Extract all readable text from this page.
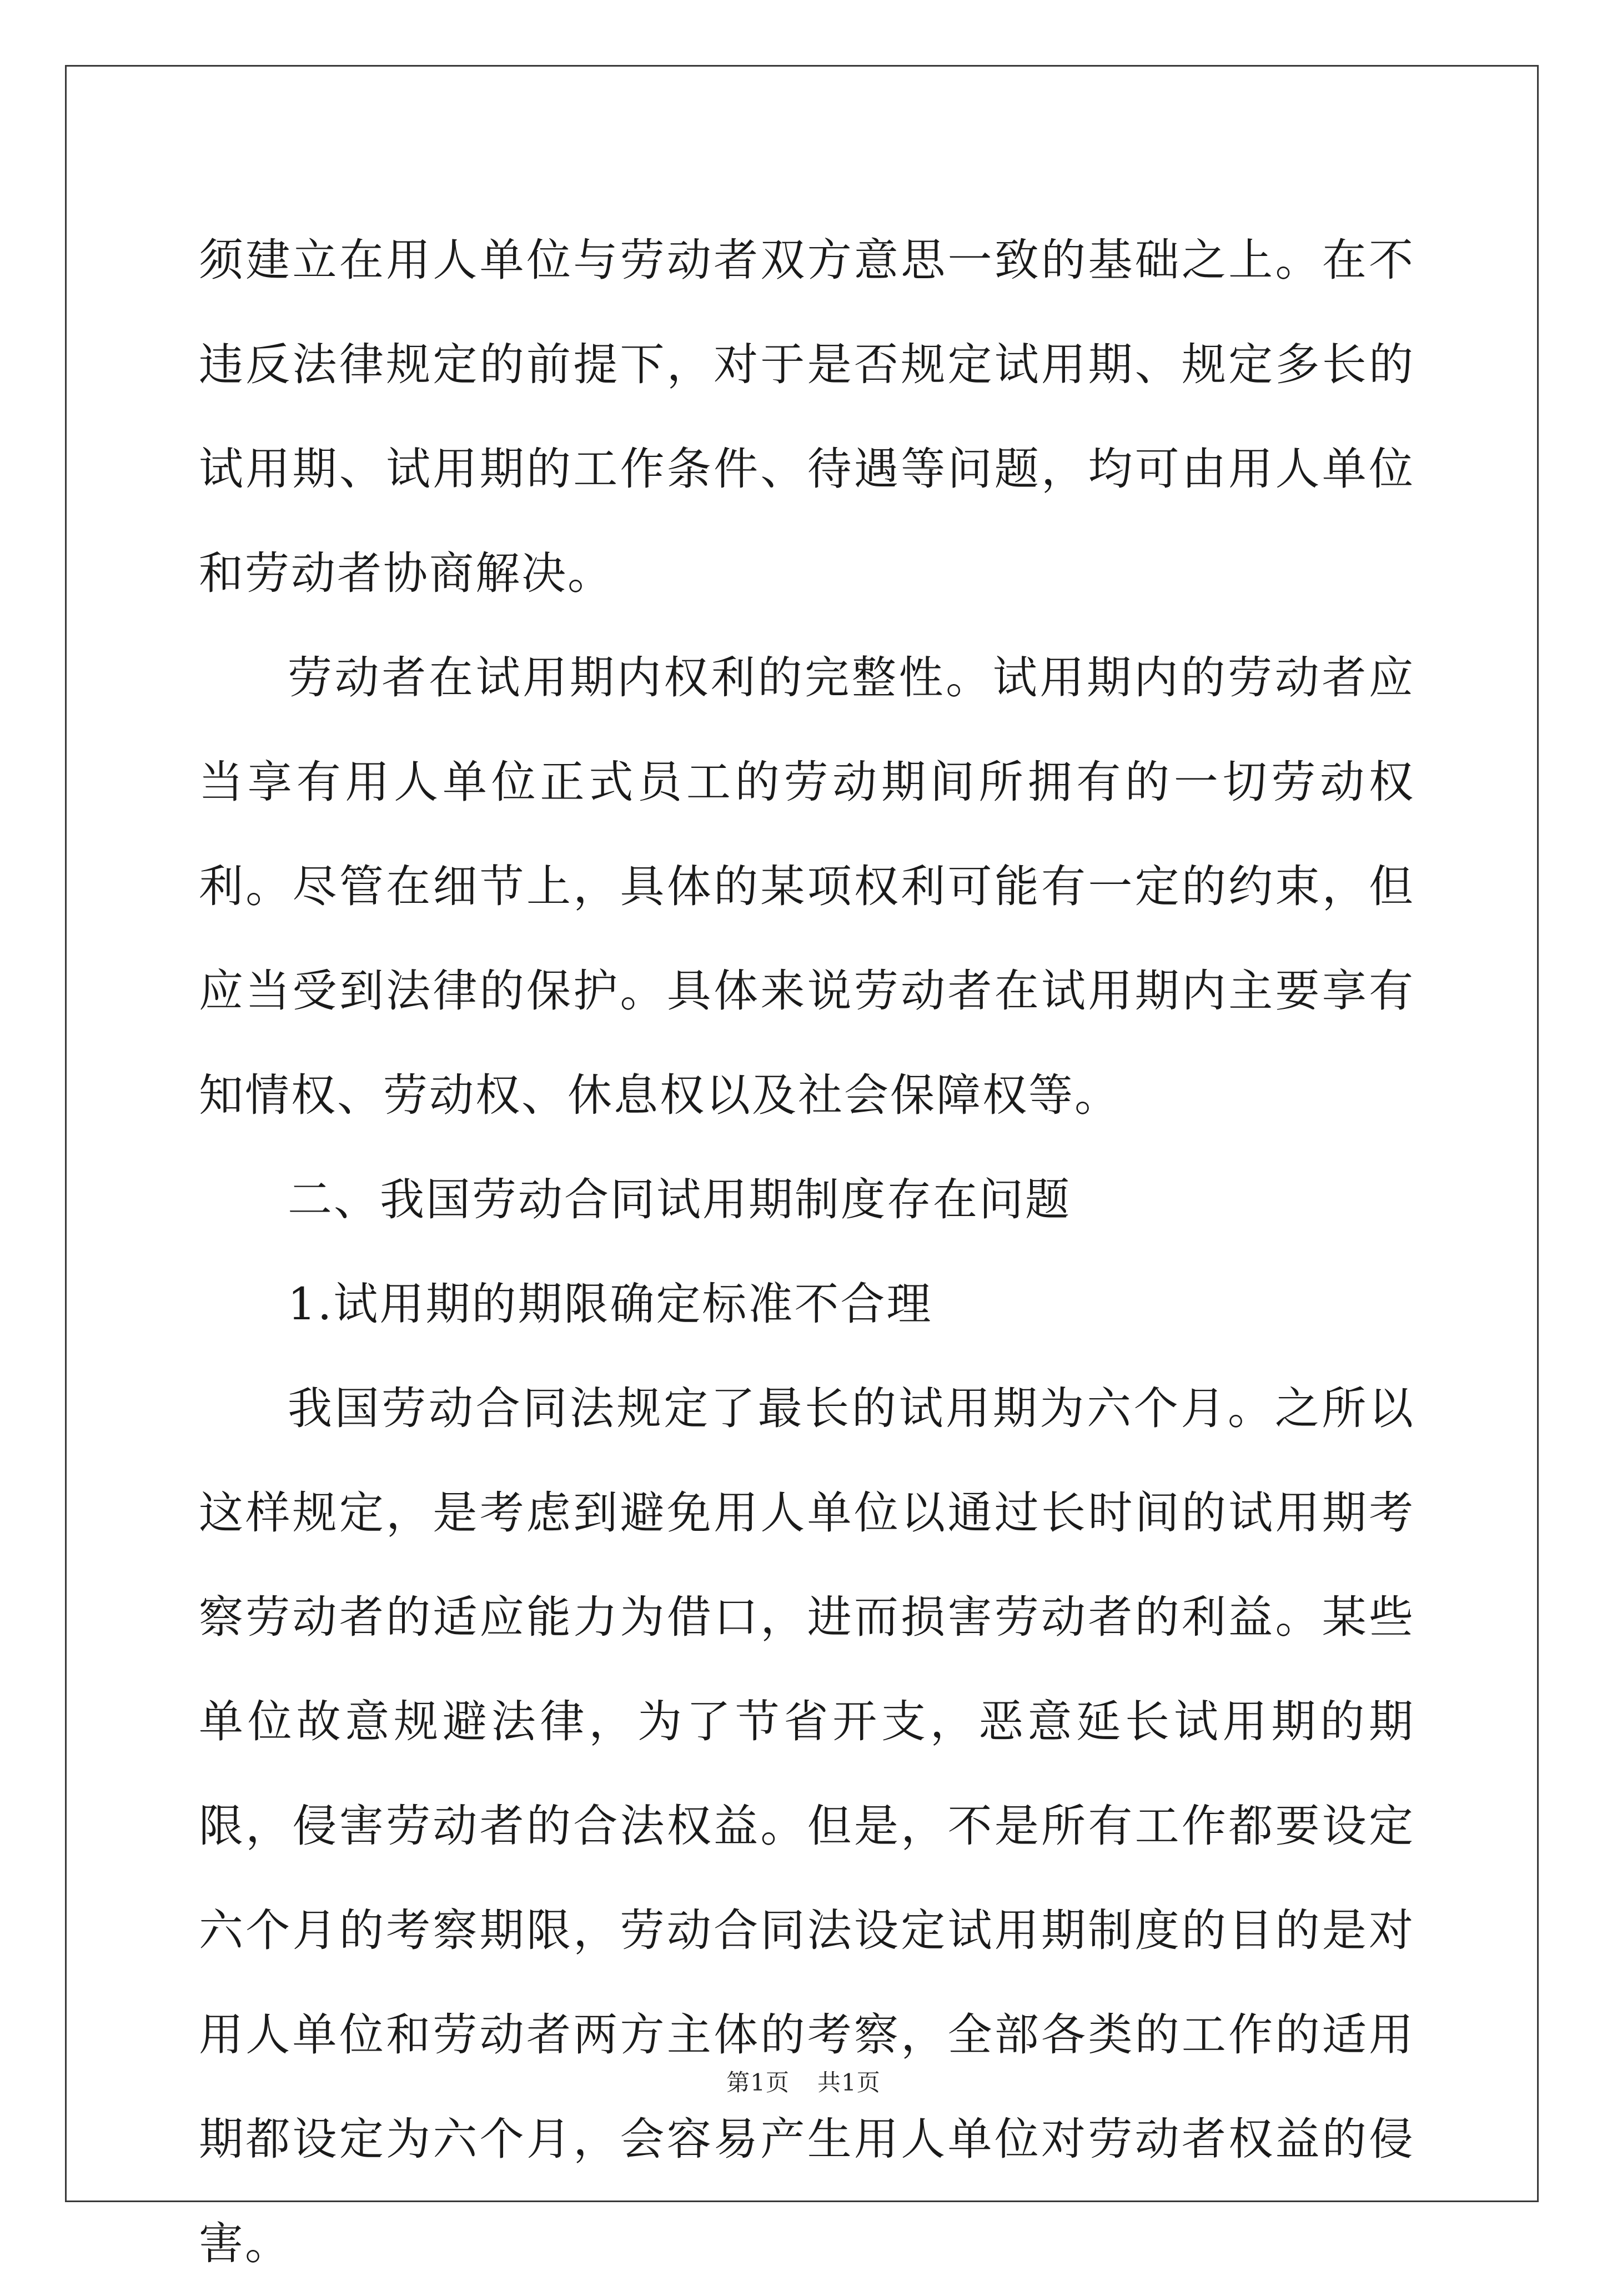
须建立在用人单位与劳动者双方意思一致的基础之上。在不违反法律规定的前提下，对于是否规定试用期、规定多长的试用期、试用期的工作条件、待遇等问题，均可由用人单位和劳动者协商解决。

劳动者在试用期内权利的完整性。试用期内的劳动者应当享有用人单位正式员工的劳动期间所拥有的一切劳动权利。尽管在细节上，具体的某项权利可能有一定的约束，但应当受到法律的保护。具体来说劳动者在试用期内主要享有知情权、劳动权、休息权以及社会保障权等。

二、我国劳动合同试用期制度存在问题

1.试用期的期限确定标准不合理

我国劳动合同法规定了最长的试用期为六个月。之所以这样规定，是考虑到避免用人单位以通过长时间的试用期考察劳动者的适应能力为借口，进而损害劳动者的利益。某些单位故意规避法律，为了节省开支，恶意延长试用期的期限，侵害劳动者的合法权益。但是，不是所有工作都要设定六个月的考察期限，劳动合同法设定试用期制度的目的是对用人单位和劳动者两方主体的考察，全部各类的工作的适用期都设定为六个月，会容易产生用人单位对劳动者权益的侵害。

第1页 共1页
